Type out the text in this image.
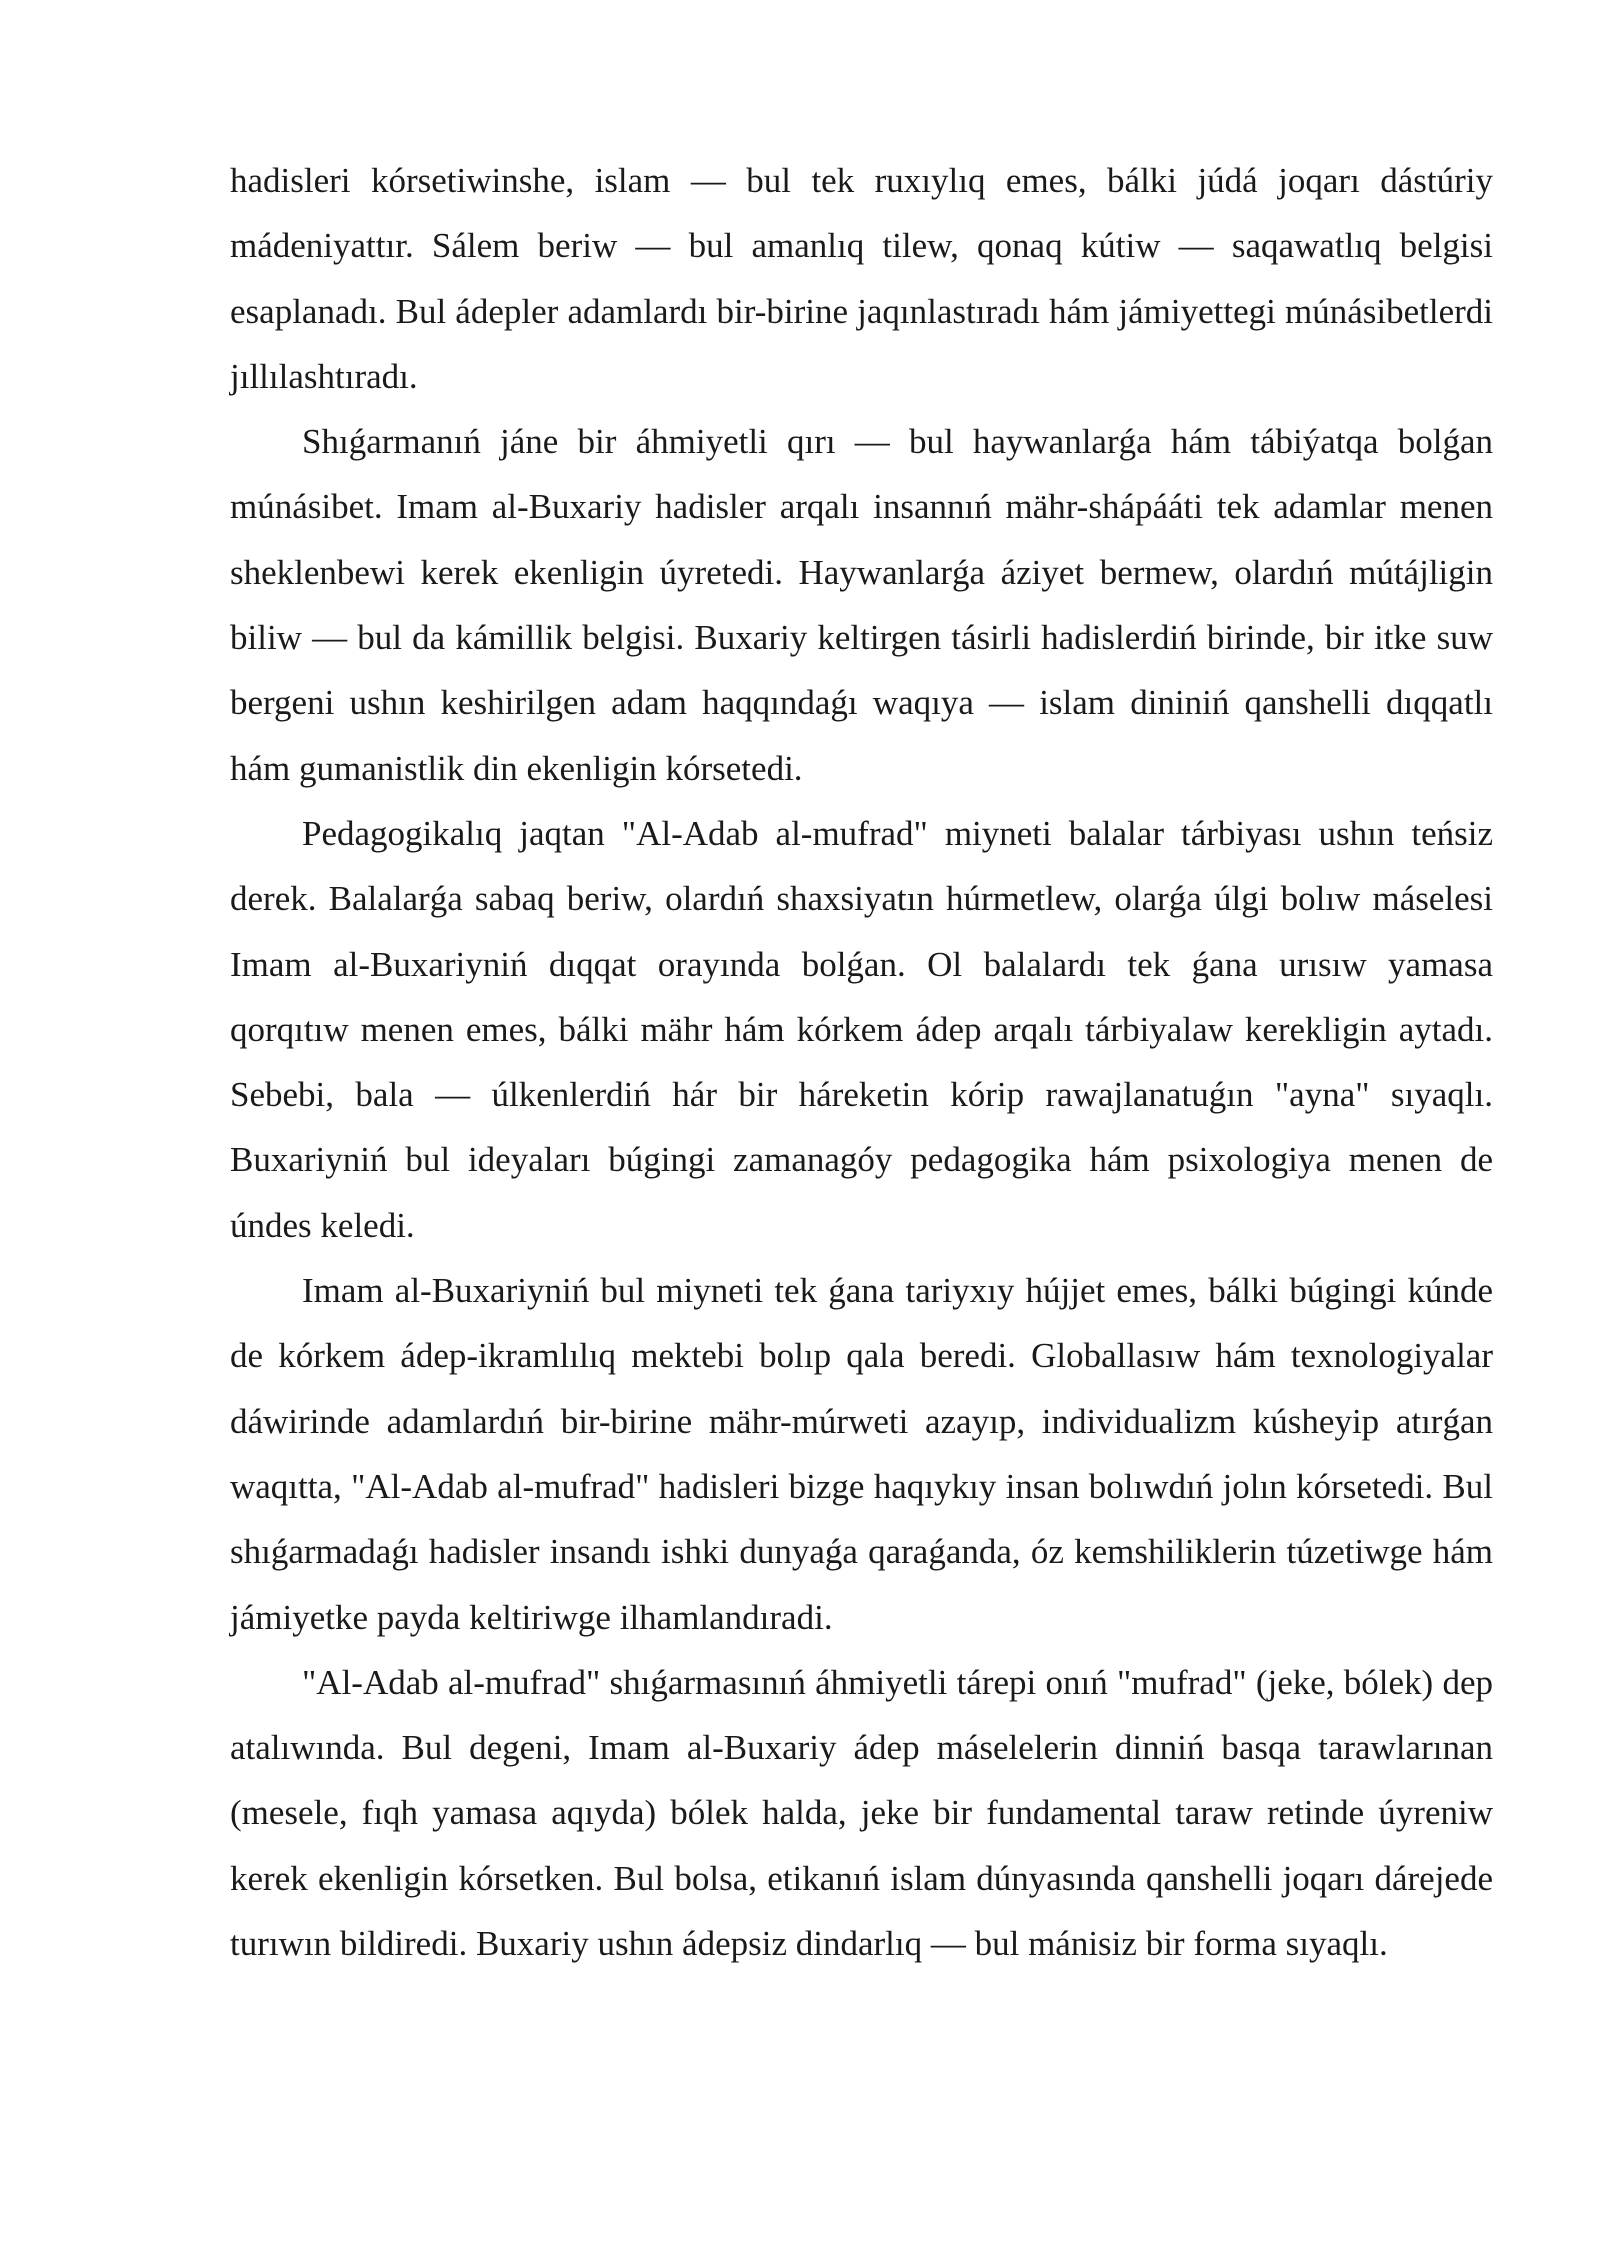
hadisleri kórsetiwinshe, islam — bul tek ruxıylıq emes, bálki júdá joqarı dástúriy mádeniyattır. Sálem beriw — bul amanlıq tilew, qonaq kútiw — saqawatlıq belgisi esaplanadı. Bul ádepler adamlardı bir-birine jaqınlastıradı hám jámiyettegi múnásibetlerdi jıllılashtıradı.

Shıǵarmanıń jáne bir áhmiyetli qırı — bul haywanlarǵa hám tábiýatqa bolǵan múnásibet. Imam al-Buxariy hadisler arqalı insannıń mähr-shápááti tek adamlar menen sheklenbewi kerek ekenligin úyretedi. Haywanlarǵa áziyet bermew, olardıń mútájligin biliw — bul da kámillik belgisi. Buxariy keltirgen tásirli hadislerdiń birinde, bir itke suw bergeni ushın keshirilgen adam haqqındaǵı waqıya — islam dininiń qanshelli dıqqatlı hám gumanistlik din ekenligin kórsetedi.

Pedagogikalıq jaqtan "Al-Adab al-mufrad" miyneti balalar tárbiyası ushın teńsiz derek. Balalarǵa sabaq beriw, olardıń shaxsiyatın húrmetlew, olarǵa úlgi bolıw máselesi Imam al-Buxariyniń dıqqat orayında bolǵan. Ol balalardı tek ǵana urısıw yamasa qorqıtıw menen emes, bálki mähr hám kórkem ádep arqalı tárbiyalaw kerekligin aytadı. Sebebi, bala — úlkenlerdiń hár bir háreketin kórip rawajlanatuǵın "ayna" sıyaqlı. Buxariyniń bul ideyaları búgingi zamanagóy pedagogika hám psixologiya menen de úndes keledi.

Imam al-Buxariyniń bul miyneti tek ǵana tariyxıy hújjet emes, bálki búgingi kúnde de kórkem ádep-ikramlılıq mektebi bolıp qala beredi. Globallasıw hám texnologiyalar dáwirinde adamlardıń bir-birine mähr-múrweti azayıp, individualizm kúsheyip atırǵan waqıtta, "Al-Adab al-mufrad" hadisleri bizge haqıykıy insan bolıwdıń jolın kórsetedi. Bul shıǵarmadaǵı hadisler insandı ishki dunyaǵa qaraǵanda, óz kemshiliklerin túzetiwge hám jámiyetke payda keltiriwge ilhamlandıradi.

"Al-Adab al-mufrad" shıǵarmasınıń áhmiyetli tárepi onıń "mufrad" (jeke, bólek) dep atalıwında. Bul degeni, Imam al-Buxariy ádep máselelerin dinniń basqa tarawlarınan (mesele, fıqh yamasa aqıyda) bólek halda, jeke bir fundamental taraw retinde úyreniw kerek ekenligin kórsetken. Bul bolsa, etikanıń islam dúnyasında qanshelli joqarı dárejede turıwın bildiredi. Buxariy ushın ádepsiz dindarlıq — bul mánisiz bir forma sıyaqlı.
